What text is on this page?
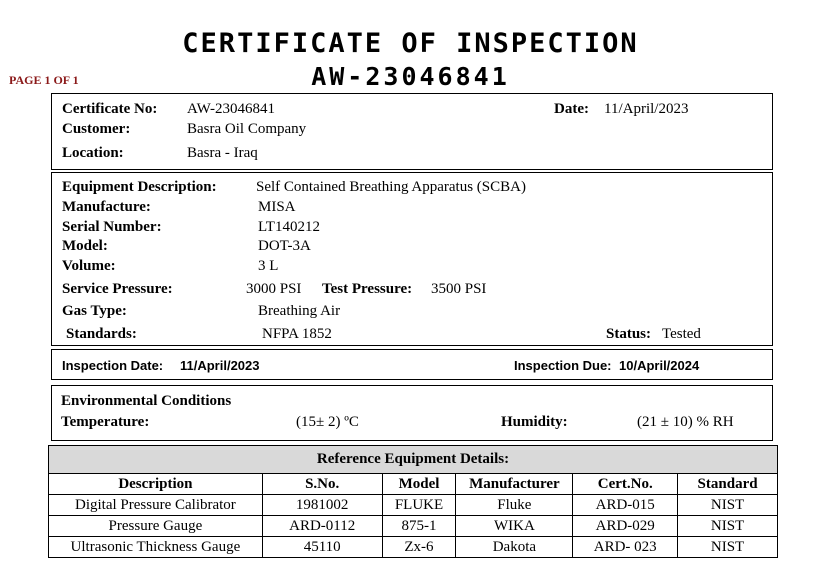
CERTIFICATE OF INSPECTION
AW-23046841
PAGE 1 OF 1
Certificate No: AW-23046841	Date: 11/April/2023
Customer:	Basra Oil Company
Location:	Basra - Iraq
Equipment Description:	Self Contained Breathing Apparatus (SCBA)
Manufacture:	MISA
Serial Number:	LT140212
Model:	DOT-3A
Volume:	3 L
Service Pressure:	3000 PSI Test Pressure: 3500 PSI
Gas Type:	Breathing Air
Standards:	NFPA 1852	Status: Tested
Inspection Date: 11/April/2023	Inspection Due: 10/April/2024
Environmental Conditions
Temperature:	(15± 2) ºC	Humidity:	(21 ± 10) % RH
Reference Equipment Details:					
Description	S.No.	Model	Manufacturer	Cert.No.	Standard
Digital Pressure Calibrator	1981002	FLUKE	Fluke	ARD-015	NIST
Pressure Gauge	ARD-0112	875-1	WIKA	ARD-029	NIST
Ultrasonic Thickness Gauge	45110	Zx-6	Dakota	ARD- 023	NIST
